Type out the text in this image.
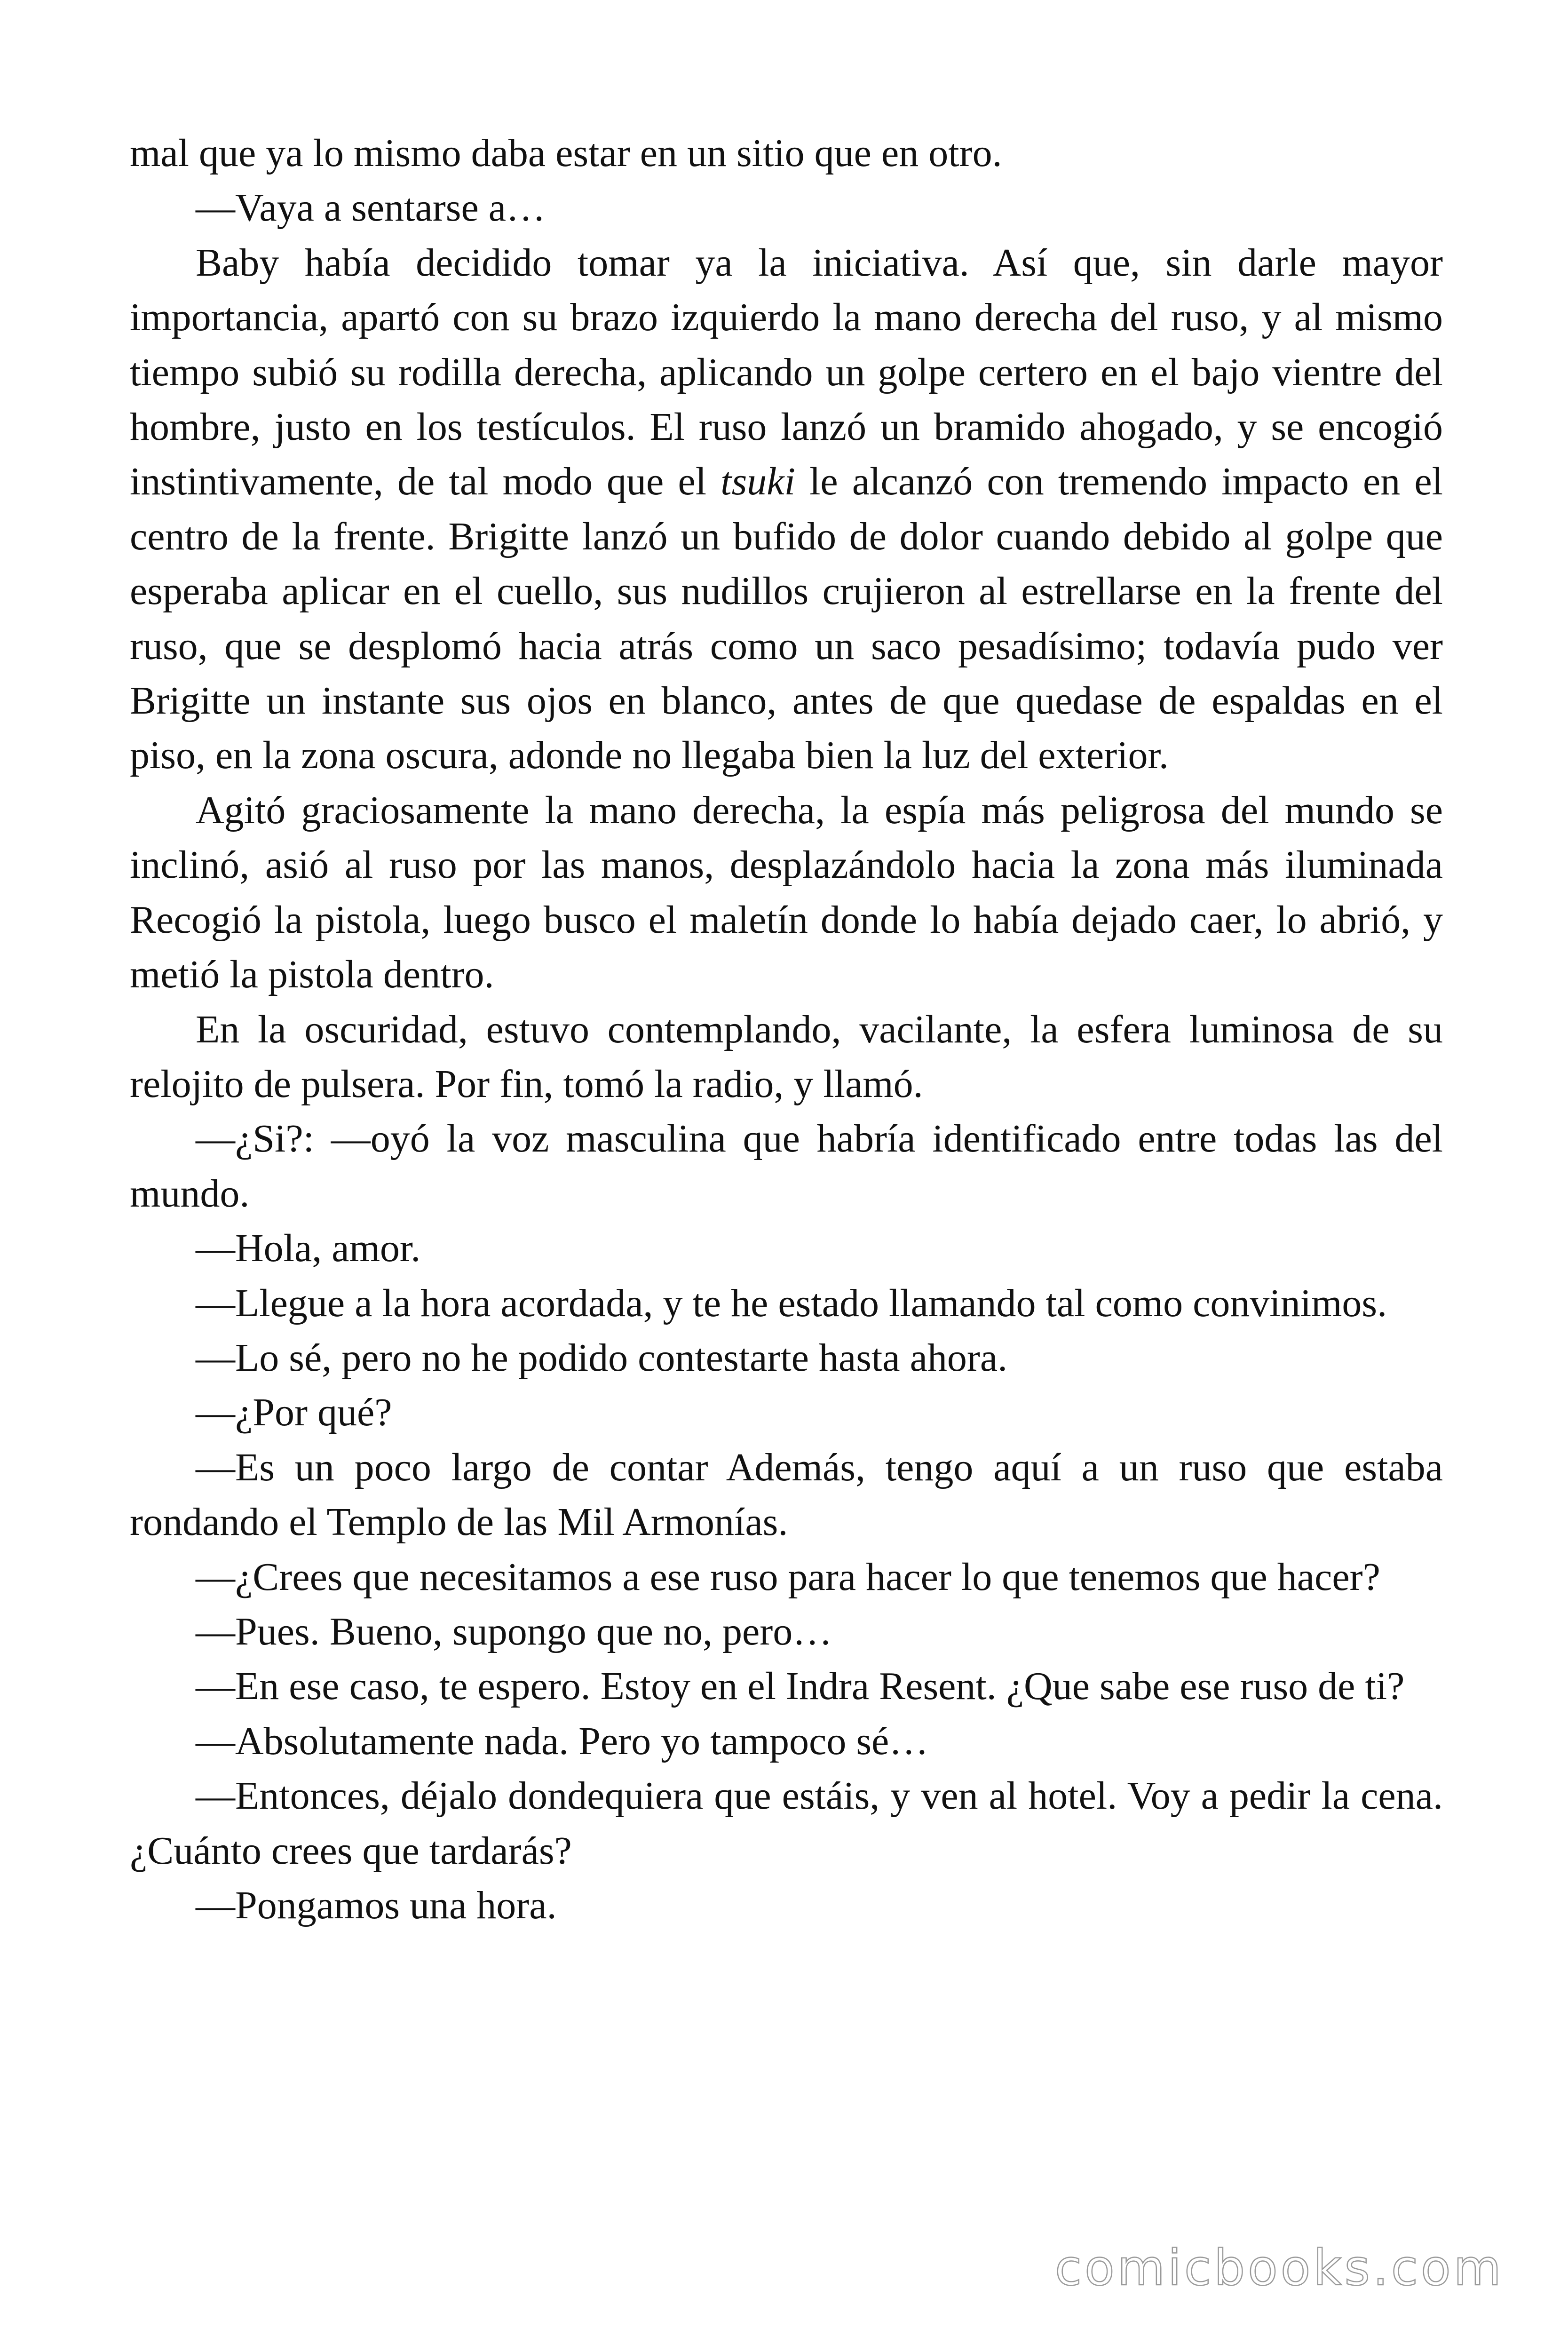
mal que ya lo mismo daba estar en un sitio que en otro.

—Vaya a sentarse a…

Baby había decidido tomar ya la iniciativa. Así que, sin darle mayor importancia, apartó con su brazo izquierdo la mano derecha del ruso, y al mismo tiempo subió su rodilla derecha, aplicando un golpe certero en el bajo vientre del hombre, justo en los testículos. El ruso lanzó un bramido ahogado, y se encogió instintivamente, de tal modo que el tsuki le alcanzó con tremendo impacto en el centro de la frente. Brigitte lanzó un bufido de dolor cuando debido al golpe que esperaba aplicar en el cuello, sus nudillos crujieron al estrellarse en la frente del ruso, que se desplomó hacia atrás como un saco pesadísimo; todavía pudo ver Brigitte un instante sus ojos en blanco, antes de que quedase de espaldas en el piso, en la zona oscura, adonde no llegaba bien la luz del exterior.

Agitó graciosamente la mano derecha, la espía más peligrosa del mundo se inclinó, asió al ruso por las manos, desplazándolo hacia la zona más iluminada Recogió la pistola, luego busco el maletín donde lo había dejado caer, lo abrió, y metió la pistola dentro.

En la oscuridad, estuvo contemplando, vacilante, la esfera luminosa de su relojito de pulsera. Por fin, tomó la radio, y llamó.

—¿Si?: —oyó la voz masculina que habría identificado entre todas las del mundo.

—Hola, amor.

—Llegue a la hora acordada, y te he estado llamando tal como convinimos.

—Lo sé, pero no he podido contestarte hasta ahora.

—¿Por qué?

—Es un poco largo de contar Además, tengo aquí a un ruso que estaba rondando el Templo de las Mil Armonías.

—¿Crees que necesitamos a ese ruso para hacer lo que tenemos que hacer?

—Pues. Bueno, supongo que no, pero…

—En ese caso, te espero. Estoy en el Indra Resent. ¿Que sabe ese ruso de ti?

—Absolutamente nada. Pero yo tampoco sé…

—Entonces, déjalo dondequiera que estáis, y ven al hotel. Voy a pedir la cena. ¿Cuánto crees que tardarás?

—Pongamos una hora.

comicbooks.com
